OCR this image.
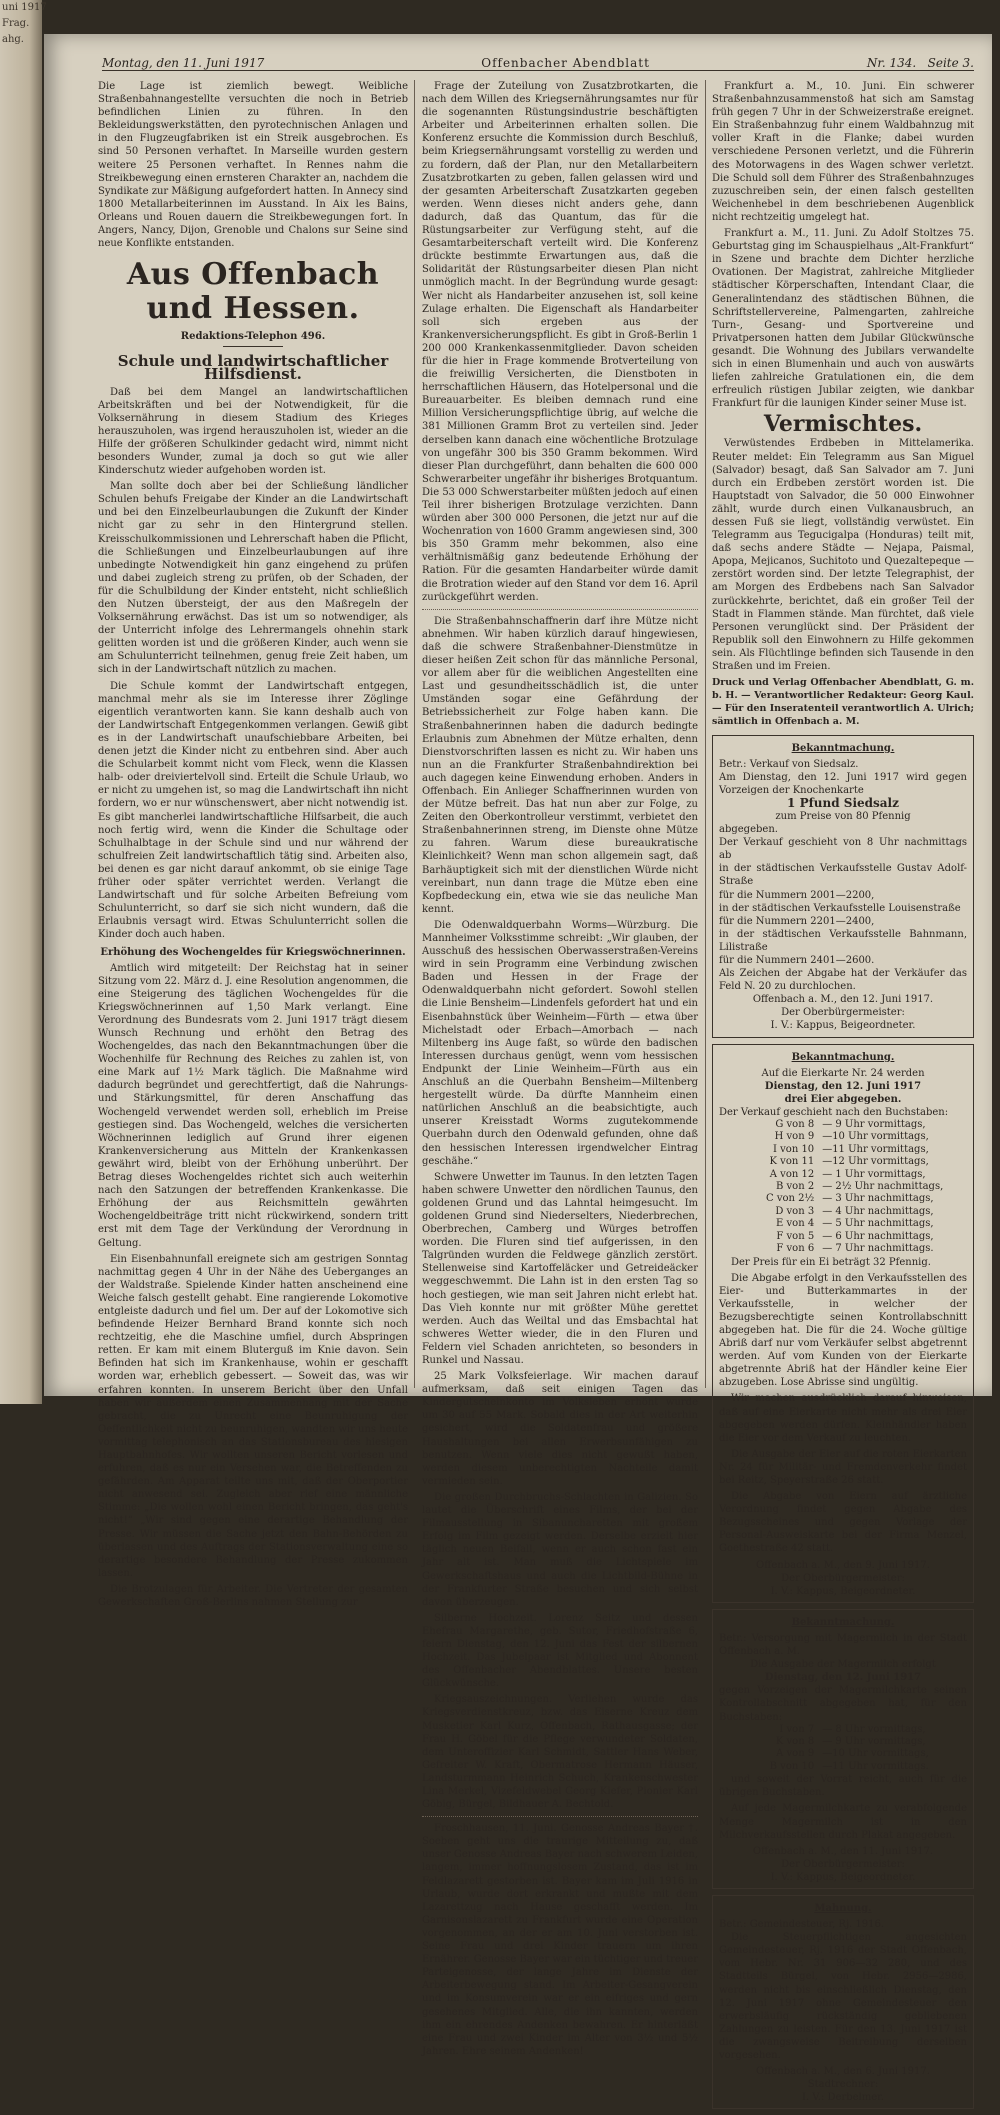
uni 1917
Frag.
ahg.
Montag, den 11. Juni 1917	Offenbacher Abendblatt	Nr. 134. Seite 3.

Die Lage ist ziemlich bewegt. Weibliche Straßenbahnangestellte versuchten die noch in Betrieb befindlichen Linien zu führen. In den Bekleidungswerkstätten, den pyrotechnischen Anlagen und in den Flugzeugfabriken ist ein Streik ausgebrochen. Es sind 50 Personen verhaftet. In Marseille wurden gestern weitere 25 Personen verhaftet. In Rennes nahm die Streikbewegung einen ernsteren Charakter an, nachdem die Syndikate zur Mäßigung aufgefordert hatten. In Annecy sind 1800 Metallarbeiterinnen im Ausstand. In Aix les Bains, Orleans und Rouen dauern die Streikbewegungen fort. In Angers, Nancy, Dijon, Grenoble und Chalons sur Seine sind neue Konflikte entstanden.

Aus Offenbach und Hessen.
Redaktions-Telephon 496.
Schule und landwirtschaftlicher Hilfsdienst.

Daß bei dem Mangel an landwirtschaftlichen Arbeitskräften und bei der Notwendigkeit, für die Volksernährung in diesem Stadium des Krieges herauszuholen, was irgend herauszuholen ist, wieder an die Hilfe der größeren Schulkinder gedacht wird, nimmt nicht besonders Wunder, zumal ja doch so gut wie aller Kinderschutz wieder aufgehoben worden ist.

Man sollte doch aber bei der Schließung ländlicher Schulen behufs Freigabe der Kinder an die Landwirtschaft und bei den Einzelbeurlaubungen die Zukunft der Kinder nicht gar zu sehr in den Hintergrund stellen. Kreisschulkommissionen und Lehrerschaft haben die Pflicht, die Schließungen und Einzelbeurlaubungen auf ihre unbedingte Notwendigkeit hin ganz eingehend zu prüfen und dabei zugleich streng zu prüfen, ob der Schaden, der für die Schulbildung der Kinder entsteht, nicht schließlich den Nutzen übersteigt, der aus den Maßregeln der Volksernährung erwächst. Das ist um so notwendiger, als der Unterricht infolge des Lehrermangels ohnehin stark gelitten worden ist und die größeren Kinder, auch wenn sie am Schulunterricht teilnehmen, genug freie Zeit haben, um sich in der Landwirtschaft nützlich zu machen.

Die Schule kommt der Landwirtschaft entgegen, manchmal mehr als sie im Interesse ihrer Zöglinge eigentlich verantworten kann. Sie kann deshalb auch von der Landwirtschaft Entgegenkommen verlangen. Gewiß gibt es in der Landwirtschaft unaufschiebbare Arbeiten, bei denen jetzt die Kinder nicht zu entbehren sind. Aber auch die Schularbeit kommt nicht vom Fleck, wenn die Klassen halb- oder dreiviertelvoll sind. Erteilt die Schule Urlaub, wo er nicht zu umgehen ist, so mag die Landwirtschaft ihn nicht fordern, wo er nur wünschenswert, aber nicht notwendig ist. Es gibt mancherlei landwirtschaftliche Hilfsarbeit, die auch noch fertig wird, wenn die Kinder die Schultage oder Schulhalbtage in der Schule sind und nur während der schulfreien Zeit landwirtschaftlich tätig sind. Arbeiten also, bei denen es gar nicht darauf ankommt, ob sie einige Tage früher oder später verrichtet werden. Verlangt die Landwirtschaft und für solche Arbeiten Befreiung vom Schulunterricht, so darf sie sich nicht wundern, daß die Erlaubnis versagt wird. Etwas Schulunterricht sollen die Kinder doch auch haben.

Erhöhung des Wochengeldes für Kriegswöchnerinnen.

Amtlich wird mitgeteilt: Der Reichstag hat in seiner Sitzung vom 22. März d. J. eine Resolution angenommen, die eine Steigerung des täglichen Wochengeldes für die Kriegswöchnerinnen auf 1,50 Mark verlangt. Eine Verordnung des Bundesrats vom 2. Juni 1917 trägt diesem Wunsch Rechnung und erhöht den Betrag des Wochengeldes, das nach den Bekanntmachungen über die Wochenhilfe für Rechnung des Reiches zu zahlen ist, von eine Mark auf 1½ Mark täglich. Die Maßnahme wird dadurch begründet und gerechtfertigt, daß die Nahrungs- und Stärkungsmittel, für deren Anschaffung das Wochengeld verwendet werden soll, erheblich im Preise gestiegen sind. Das Wochengeld, welches die versicherten Wöchnerinnen lediglich auf Grund ihrer eigenen Krankenversicherung aus Mitteln der Krankenkassen gewährt wird, bleibt von der Erhöhung unberührt. Der Betrag dieses Wochengeldes richtet sich auch weiterhin nach den Satzungen der betreffenden Krankenkasse. Die Erhöhung der aus Reichsmitteln gewährten Wochengeldbeiträge tritt nicht rückwirkend, sondern tritt erst mit dem Tage der Verkündung der Verordnung in Geltung.

Ein Eisenbahnunfall ereignete sich am gestrigen Sonntag nachmittag gegen 4 Uhr in der Nähe des Ueberganges an der Waldstraße. Spielende Kinder hatten anscheinend eine Weiche falsch gestellt gehabt. Eine rangierende Lokomotive entgleiste dadurch und fiel um. Der auf der Lokomotive sich befindende Heizer Bernhard Brand konnte sich noch rechtzeitig, ehe die Maschine umfiel, durch Abspringen retten. Er kam mit einem Bluterguß im Knie davon. Sein Befinden hat sich im Krankenhause, wohin er geschafft worden war, erheblich gebessert. — Soweit das, was wir erfahren konnten. In unserem Bericht über den Unfall haben wir außerdem einen Zusammenhang mit der Sache gebracht, die zu Unrecht eine Beunruhigung der Oeffentlichkeit nicht zu beunruhigen, wandten wir uns heute vormittag telephonisch an das Stationsbureau des hiesigen Hauptbahnhofes. Wir wollten unseren Bericht vorlesen und erfuhren, daß es nur ein Versehen war, die Betreffenden zu gefährden. Am Apparat teilte uns mit, daß der Oberportier nicht anwesend sei. Zugleich aber rief eine männliche Stimme: „Die wollen wohl einen Bericht bringen, das geht's nicht!“ „Wir sind gegen eine derartige Behandlung der Presse. Wir müssen die Sache jetzt den Bahn-Behörden zu überlassen und des Auftrags der Stationsverwaltung eine so derartige besondere Behandlung der Presse zukommen lassen.

Die Brotzulagen für Arbeiter. Die Vertreter der gesamten Gewerkschaften Groß-Berlins nahmen Stellung zur

Frage der Zuteilung von Zusatzbrotkarten, die nach dem Willen des Kriegsernährungsamtes nur für die sogenannten Rüstungsindustrie beschäftigten Arbeiter und Arbeiterinnen erhalten sollen. Die Konferenz ersuchte die Kommission durch Beschluß, beim Kriegsernährungsamt vorstellig zu werden und zu fordern, daß der Plan, nur den Metallarbeitern Zusatzbrotkarten zu geben, fallen gelassen wird und der gesamten Arbeiterschaft Zusatzkarten gegeben werden. Wenn dieses nicht anders gehe, dann dadurch, daß das Quantum, das für die Rüstungsarbeiter zur Verfügung steht, auf die Gesamtarbeiterschaft verteilt wird. Die Konferenz drückte bestimmte Erwartungen aus, daß die Solidarität der Rüstungsarbeiter diesen Plan nicht unmöglich macht. In der Begründung wurde gesagt: Wer nicht als Handarbeiter anzusehen ist, soll keine Zulage erhalten. Die Eigenschaft als Handarbeiter soll sich ergeben aus der Krankenversicherungspflicht. Es gibt in Groß-Berlin 1 200 000 Krankenkassenmitglieder. Davon scheiden für die hier in Frage kommende Brotverteilung von die freiwillig Versicherten, die Dienstboten in herrschaftlichen Häusern, das Hotelpersonal und die Bureauarbeiter. Es bleiben demnach rund eine Million Versicherungspflichtige übrig, auf welche die 381 Millionen Gramm Brot zu verteilen sind. Jeder derselben kann danach eine wöchentliche Brotzulage von ungefähr 300 bis 350 Gramm bekommen. Wird dieser Plan durchgeführt, dann behalten die 600 000 Schwerarbeiter ungefähr ihr bisheriges Brotquantum. Die 53 000 Schwerstarbeiter müßten jedoch auf einen Teil ihrer bisherigen Brotzulage verzichten. Dann würden aber 300 000 Personen, die jetzt nur auf die Wochenration von 1600 Gramm angewiesen sind, 300 bis 350 Gramm mehr bekommen, also eine verhältnismäßig ganz bedeutende Erhöhung der Ration. Für die gesamten Handarbeiter würde damit die Brotration wieder auf den Stand vor dem 16. April zurückgeführt werden.

Die Straßenbahnschaffnerin darf ihre Mütze nicht abnehmen. Wir haben kürzlich darauf hingewiesen, daß die schwere Straßenbahner-Dienstmütze in dieser heißen Zeit schon für das männliche Personal, vor allem aber für die weiblichen Angestellten eine Last und gesundheitsschädlich ist, die unter Umständen sogar eine Gefährdung der Betriebssicherheit zur Folge haben kann. Die Straßenbahnerinnen haben die dadurch bedingte Erlaubnis zum Abnehmen der Mütze erhalten, denn Dienstvorschriften lassen es nicht zu. Wir haben uns nun an die Frankfurter Straßenbahndirektion bei auch dagegen keine Einwendung erhoben. Anders in Offenbach. Ein Anlieger Schaffnerinnen wurden von der Mütze befreit. Das hat nun aber zur Folge, zu Zeiten den Oberkontrolleur verstimmt, verbietet den Straßenbahnerinnen streng, im Dienste ohne Mütze zu fahren. Warum diese bureaukratische Kleinlichkeit? Wenn man schon allgemein sagt, daß Barhäuptigkeit sich mit der dienstlichen Würde nicht vereinbart, nun dann trage die Mütze eben eine Kopfbedeckung ein, etwa wie sie das neuliche Man kennt.

Die Odenwaldquerbahn Worms—Würzburg. Die Mannheimer Volksstimme schreibt: „Wir glauben, der Ausschuß des hessischen Oberwasserstraßen-Vereins wird in sein Programm eine Verbindung zwischen Baden und Hessen in der Frage der Odenwaldquerbahn nicht gefordert. Sowohl stellen die Linie Bensheim—Lindenfels gefordert hat und ein Eisenbahnstück über Weinheim—Fürth — etwa über Michelstadt oder Erbach—Amorbach — nach Miltenberg ins Auge faßt, so würde den badischen Interessen durchaus genügt, wenn vom hessischen Endpunkt der Linie Weinheim—Fürth aus ein Anschluß an die Querbahn Bensheim—Miltenberg hergestellt würde. Da dürfte Mannheim einen natürlichen Anschluß an die beabsichtigte, auch unserer Kreisstadt Worms zugutekommende Querbahn durch den Odenwald gefunden, ohne daß den hessischen Interessen irgendwelcher Eintrag geschähe.“

Schwere Unwetter im Taunus. In den letzten Tagen haben schwere Unwetter den nördlichen Taunus, den goldenen Grund und das Lahntal heimgesucht. Im goldenen Grund sind Niederselters, Niederbrechen, Oberbrechen, Camberg und Würges betroffen worden. Die Fluren sind tief aufgerissen, in den Talgründen wurden die Feldwege gänzlich zerstört. Stellenweise sind Kartoffeläcker und Getreideäcker weggeschwemmt. Die Lahn ist in den ersten Tag so hoch gestiegen, wie man seit Jahren nicht erlebt hat. Das Vieh konnte nur mit größter Mühe gerettet werden. Auch das Weiltal und das Emsbachtal hat schweres Wetter wieder, die in den Fluren und Feldern viel Schaden anrichteten, so besonders in Runkel und Nassau.

25 Mark Volksfeierlage. Wir machen darauf aufmerksam, daß seit einigen Tagen das Kindergutscheinkonto im Volksleben erhöht wurde um 30 auf 55 Mark. Sobald dies in der Art weiterhin gesichert, wird die Soldatenfrau und größere Haushaltungen bei allen Erwerbsunfähigen zu benutzen. Wenn viele dies nicht gewußt haben, werden diesem unberechtigten Nachteile damit vermieden sein.

Die großen Durchbruchs-Schlachten in Galizien. So lautet die Überschrift eines Films, der bei der Filmausstellung in Sibanuncharetten mit großem Erfolg im Film gezeigt werden. Derselbe erzielt hier täglich neuen Beifall, wenn er auch schon fast ein Jahr alt ist. Man muß die Lichtspiele im Gewerkschaftshaus und auch die Lichtbild-Bühne in der Frankfurter Straße besuchen und sich selbst davon überzeugen.

Silberne Hochzeit. Lorenz Seitz und dessen Ehefrau Margarethe, geb. Sutor, Friedhofstraße 6, feiern Dienstag, den 12. Juni das Fest der silbernen Hochzeit. Das Jubelpaar ist Mitglied und Abonnent des Offenbacher Abendblattes. Unsere besten Glückwünsche.

Kriegsauszeichnungen. Verliehen wurde das Kriegsverdienstkreuz, bzw. das Eiserne Kreuz dem Musketier Karl Kurz, Offenbach, Rathausgasse; der Frau H. Göbel für die Pflege verwundeter Soldaten, dem Unteroffizier Karl Schmidt, Sattler Hans Weber, Gefreiter W. Kraft, Obermatrose Hermann Häuser, Landsturmmann Heinrich Schuch, Krankenschwester Lina Merkel, Vizefeldwebel Georg Kiefer, Pionier Karl Göbig, Bürgel, Bildhauer A. Bechtold.

Froschhausen, 11. Juni. Genosse Andreas Bayer †. Soeben geht uns die traurige Mitteilung zu, daß unser Genosse Andreas Bayer nach schwerem Leiden, langem, immer hoffnungslosem Zustand, das ist im Feldlazarett gestorben ist. Bayer kam im Juli 1916 in Urlaub, wurde dort erkrankt und mußte mit dem Lazarettzug nach Hause geschafft werden. Im Garnisonslazarett zu Frankfurt wurde eine Operation vorgenommen, an der er am 10. Juni verstorben ist. Seine Frau und drei Kinder trauern um ihren Ernährer. Genosse Bayer war ein tüchtiger und treuer Parteigenosse, der lange Jahre im Dienste der Arbeiterbewegung stand. Im Arbeiter-Gesangverein und im Konsumverein war er ein eifriges und gern gesehenes Mitglied. Alle, die ihn kannten, werden ihm ein ehrendes Andenken bewahren. Er hinterläßt eine Frau und zwei Kinder im Alter von 3½ und 5½ Jahren. Ehre seinem Andenken!

Frankfurt a. M., 10. Juni. Ein schwerer Straßenbahnzusammenstoß hat sich am Samstag früh gegen 7 Uhr in der Schweizerstraße ereignet. Ein Straßenbahnzug fuhr einem Waldbahnzug mit voller Kraft in die Flanke; dabei wurden verschiedene Personen verletzt, und die Führerin des Motorwagens in des Wagen schwer verletzt. Die Schuld soll dem Führer des Straßenbahnzuges zuzuschreiben sein, der einen falsch gestellten Weichenhebel in dem beschriebenen Augenblick nicht rechtzeitig umgelegt hat.

Frankfurt a. M., 11. Juni. Zu Adolf Stoltzes 75. Geburtstag ging im Schauspielhaus „Alt-Frankfurt“ in Szene und brachte dem Dichter herzliche Ovationen. Der Magistrat, zahlreiche Mitglieder städtischer Körperschaften, Intendant Claar, die Generalintendanz des städtischen Bühnen, die Schriftstellervereine, Palmengarten, zahlreiche Turn-, Gesang- und Sportvereine und Privatpersonen hatten dem Jubilar Glückwünsche gesandt. Die Wohnung des Jubilars verwandelte sich in einen Blumenhain und auch von auswärts liefen zahlreiche Gratulationen ein, die dem erfreulich rüstigen Jubilar zeigten, wie dankbar Frankfurt für die launigen Kinder seiner Muse ist.

Vermischtes.

Verwüstendes Erdbeben in Mittelamerika. Reuter meldet: Ein Telegramm aus San Miguel (Salvador) besagt, daß San Salvador am 7. Juni durch ein Erdbeben zerstört worden ist. Die Hauptstadt von Salvador, die 50 000 Einwohner zählt, wurde durch einen Vulkanausbruch, an dessen Fuß sie liegt, vollständig verwüstet. Ein Telegramm aus Tegucigalpa (Honduras) teilt mit, daß sechs andere Städte — Nejapa, Paismal, Apopa, Mejicanos, Suchitoto und Quezaltepeque — zerstört worden sind. Der letzte Telegraphist, der am Morgen des Erdbebens nach San Salvador zurückkehrte, berichtet, daß ein großer Teil der Stadt in Flammen stände. Man fürchtet, daß viele Personen verunglückt sind. Der Präsident der Republik soll den Einwohnern zu Hilfe gekommen sein. Als Flüchtlinge befinden sich Tausende in den Straßen und im Freien.

Druck und Verlag Offenbacher Abendblatt, G. m. b. H. — Verantwortlicher Redakteur: Georg Kaul. — Für den Inseratenteil verantwortlich A. Ulrich; sämtlich in Offenbach a. M.

Bekanntmachung.
Betr.: Verkauf von Siedsalz.
Am Dienstag, den 12. Juni 1917 wird gegen Vorzeigen der Knochenkarte
1 Pfund Siedsalz
zum Preise von 80 Pfennig
abgegeben.
Der Verkauf geschieht von 8 Uhr nachmittags ab
in der städtischen Verkaufsstelle Gustav Adolf-Straße
für die Nummern 2001—2200,
in der städtischen Verkaufsstelle Louisenstraße
für die Nummern 2201—2400,
in der städtischen Verkaufsstelle Bahnmann, Lilistraße
für die Nummern 2401—2600.
Als Zeichen der Abgabe hat der Verkäufer das Feld N. 20 zu durchlochen.
Offenbach a. M., den 12. Juni 1917.
Der Oberbürgermeister:
I. V.: Kappus, Beigeordneter.
Bekanntmachung.
Auf die Eierkarte Nr. 24 werden
Dienstag, den 12. Juni 1917
drei Eier abgegeben.
Der Verkauf geschieht nach den Buchstaben:
G von 8	— 9 Uhr vormittags,
H von 9	—10 Uhr vormittags,
I von 10	—11 Uhr vormittags,
K von 11	—12 Uhr vormittags,
A von 12	— 1 Uhr vormittags,
B von 2	— 2½ Uhr nachmittags,
C von 2½	— 3 Uhr nachmittags,
D von 3	— 4 Uhr nachmittags,
E von 4	— 5 Uhr nachmittags,
F von 5	— 6 Uhr nachmittags,
F von 6	— 7 Uhr nachmittags.

Der Preis für ein Ei beträgt 32 Pfennig.

Die Abgabe erfolgt in den Verkaufsstellen des Eier- und Butterkammartes in der Verkaufsstelle, in welcher der Bezugsberechtigte seinen Kontrollabschnitt abgegeben hat. Die für die 24. Woche gültige Abriß darf nur vom Verkäufer selbst abgetrennt werden. Auf vom Kunden von der Eierkarte abgetrennte Abriß hat der Händler keine Eier abzugeben. Lose Abrisse sind ungültig.

Wir machen ausdrücklich darauf hinweisen, daß auf eine Eierkarte nicht mehr als drei Eier abgegeben werden dürfen. Kleinhändler haben die Eier vor dem Verkauf zu leuchten.

Die Ausgabe der Eier auf die roten Eierkarten Nr. 24 für Militär- und Fremdenverkehr findet bei Reitz, Speyerstraße 26 statt.

Die Abgabe von Eiern auf ärztliche Verordnung findet gegen Abgabe des Bezugsscheines und gegen Vorlage der Personal-Ausweiskarte bei der Firma Menzel, Goethestraße 42 statt.

Offenbach a. M., den 9. Juni 1917.
Der Oberbürgermeister:
I. V.: Kappus, Beigeordneter.
Bekanntmachung.
Betr.: Versorgung mit Magermilch in der Stadt Offenbach a. M.
Die Ausgabe der Magermilch erfolgt
Dienstag, den 12. Juni 1917
gegen Vorzeigen der Magermilchkarte seinen Kontrollabschnitt abgegeben hat, für den Buchstaben:
I von 7	— 8 Uhr vormittags,
K von 8	— 9 Uhr vormittags,
A von 9	—10 Uhr vormittags,
B von 10	—11 Uhr vormittags.

und soweit der Vorrat reicht, auch für die übrigen Buchstaben.

Auf jede Magermilchkarte zu verabfolgende Menge Magermilch ist in den Milchverkaufsstellen durch Plakat angegeben.

Offenbach a. M., den 11. Juni 1917.
Der Oberbürgermeister:
I. V.: Kappus, Beigeordneter.
Mahnung.
Betr.: Gemeindesteuer, Rj. 1916.

Die Steuerpflichtigen angesichten Gemeindesteuer, Rj. 1916 der Stadt Offenbach, vom Hebr. Nr. 31 906—32 280, und des Stadtteils Bürgel, von Hebr. 2956—2986, werden nicht bis einschließlich Dienstag, den 12. Juni 1917 ohne Gemeindesteuer den erwerbsläufig rückständig gebliebenen Zahlungen zu leisten. Für den 13. Juni 1917 ist die zwangsweise Beitreibung derselben vorgesehen.

Offenbach a. M., den 6. Juni 1917.
Stadtrechner:
I. V.: Derbelmer.
